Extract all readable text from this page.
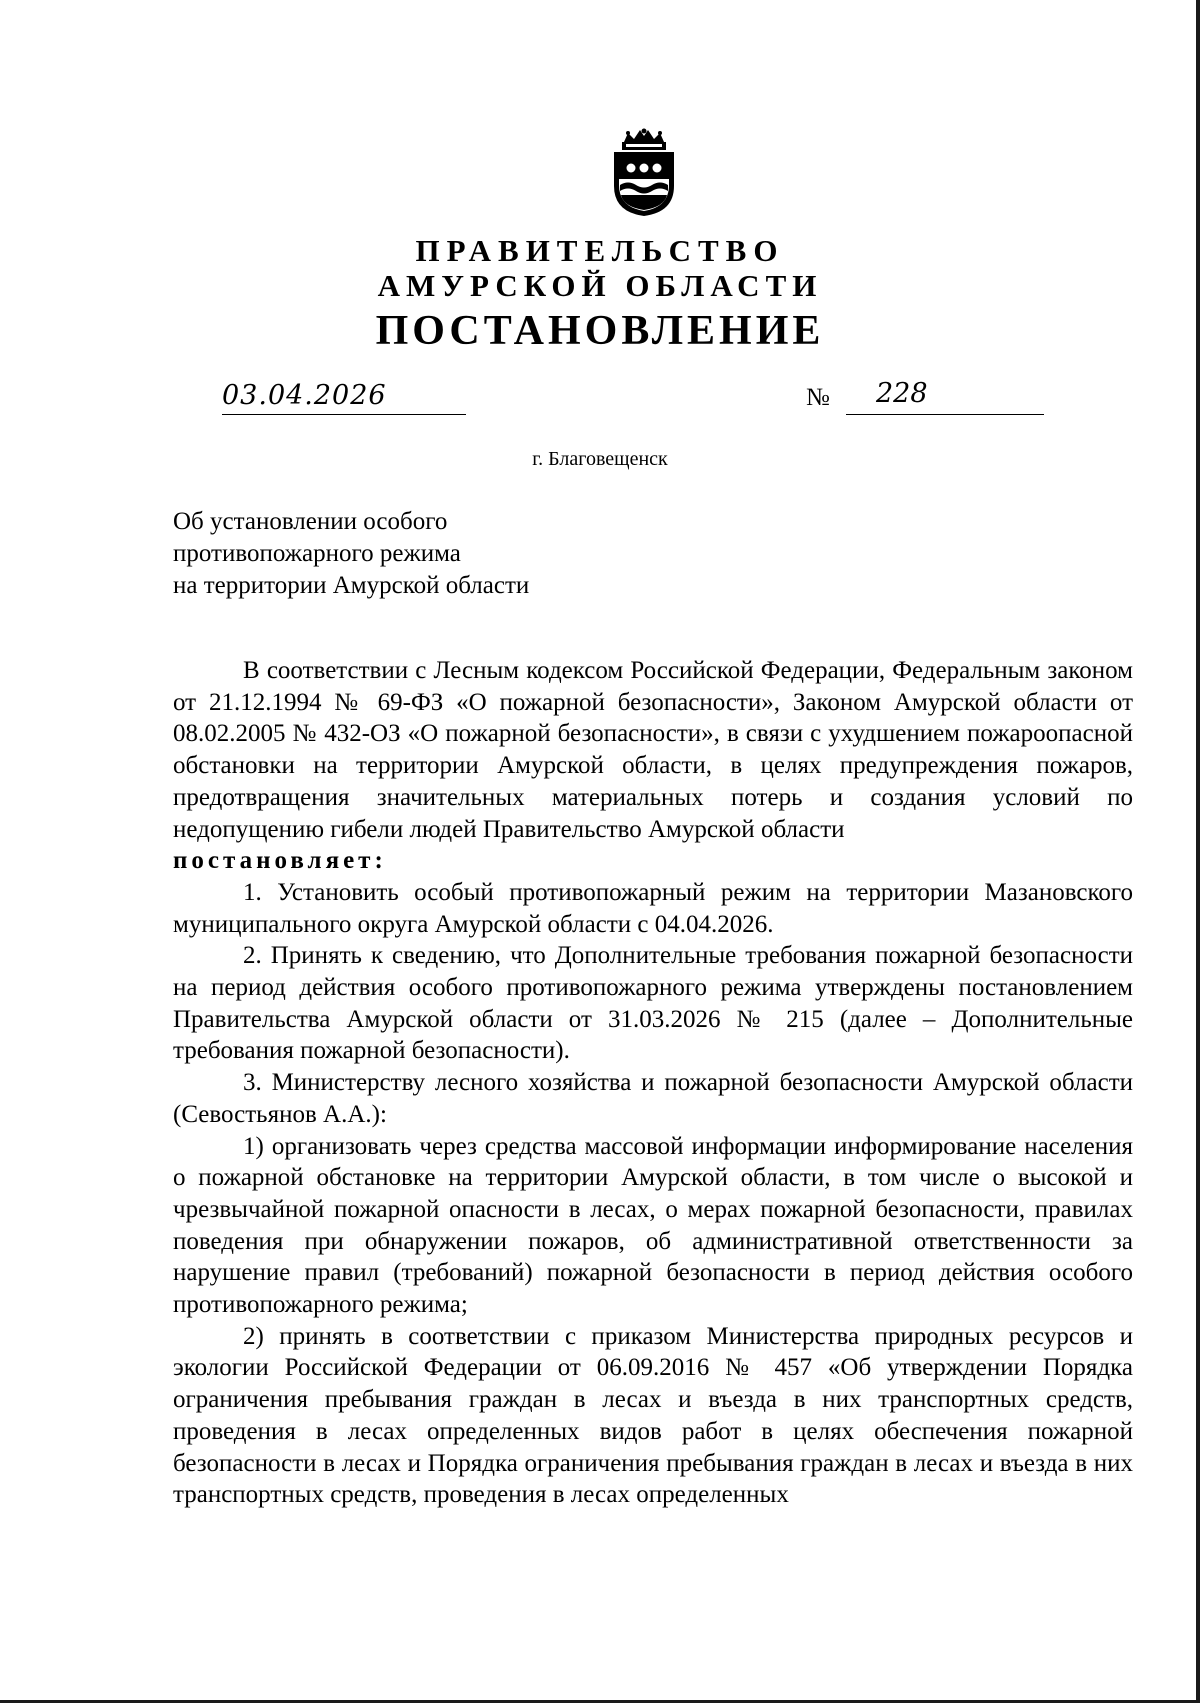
ПРАВИТЕЛЬСТВО
АМУРСКОЙ ОБЛАСТИ
ПОСТАНОВЛЕНИЕ
03.04.2026	№ 228
г. Благовещенск
Об установлении особого
противопожарного режима
на территории Амурской области

В соответствии с Лесным кодексом Российской Федерации, Федеральным законом от 21.12.1994 № 69-ФЗ «О пожарной безопасности», Законом Амурской области от 08.02.2005 № 432-ОЗ «О пожарной безопасности», в связи с ухудшением пожароопасной обстановки на территории Амурской области, в целях предупреждения пожаров, предотвращения значительных материальных потерь и создания условий по недопущению гибели людей Правительство Амурской области

постановляет:

1. Установить особый противопожарный режим на территории Мазановского муниципального округа Амурской области с 04.04.2026.

2. Принять к сведению, что Дополнительные требования пожарной безопасности на период действия особого противопожарного режима утверждены постановлением Правительства Амурской области от 31.03.2026 № 215 (далее – Дополнительные требования пожарной безопасности).

3. Министерству лесного хозяйства и пожарной безопасности Амурской области (Севостьянов А.А.):

1) организовать через средства массовой информации информирование населения о пожарной обстановке на территории Амурской области, в том числе о высокой и чрезвычайной пожарной опасности в лесах, о мерах пожарной безопасности, правилах поведения при обнаружении пожаров, об административной ответственности за нарушение правил (требований) пожарной безопасности в период действия особого противопожарного режима;

2) принять в соответствии с приказом Министерства природных ресурсов и экологии Российской Федерации от 06.09.2016 № 457 «Об утверждении Порядка ограничения пребывания граждан в лесах и въезда в них транспортных средств, проведения в лесах определенных видов работ в целях обеспечения пожарной безопасности в лесах и Порядка ограничения пребывания граждан в лесах и въезда в них транспортных средств, проведения в лесах определенных
